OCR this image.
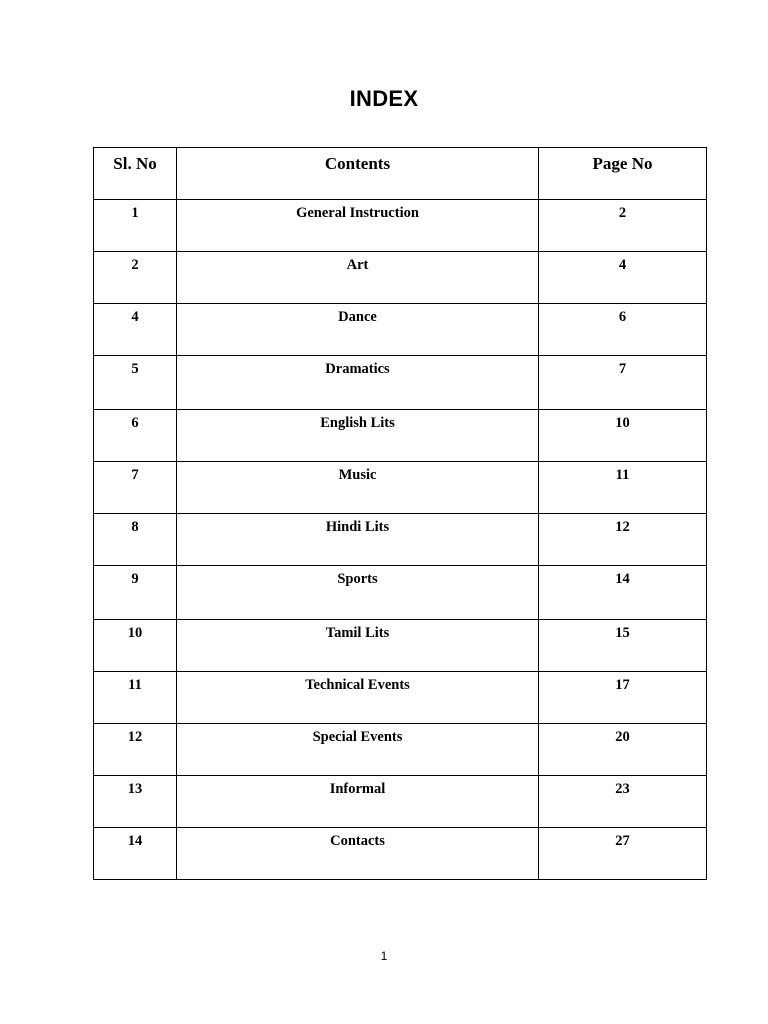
INDEX
Sl. No	Contents	Page No
1	General Instruction	2
2	Art	4
4	Dance	6
5	Dramatics	7
6	English Lits	10
7	Music	11
8	Hindi Lits	12
9	Sports	14
10	Tamil Lits	15
11	Technical Events	17
12	Special Events	20
13	Informal	23
14	Contacts	27
1
